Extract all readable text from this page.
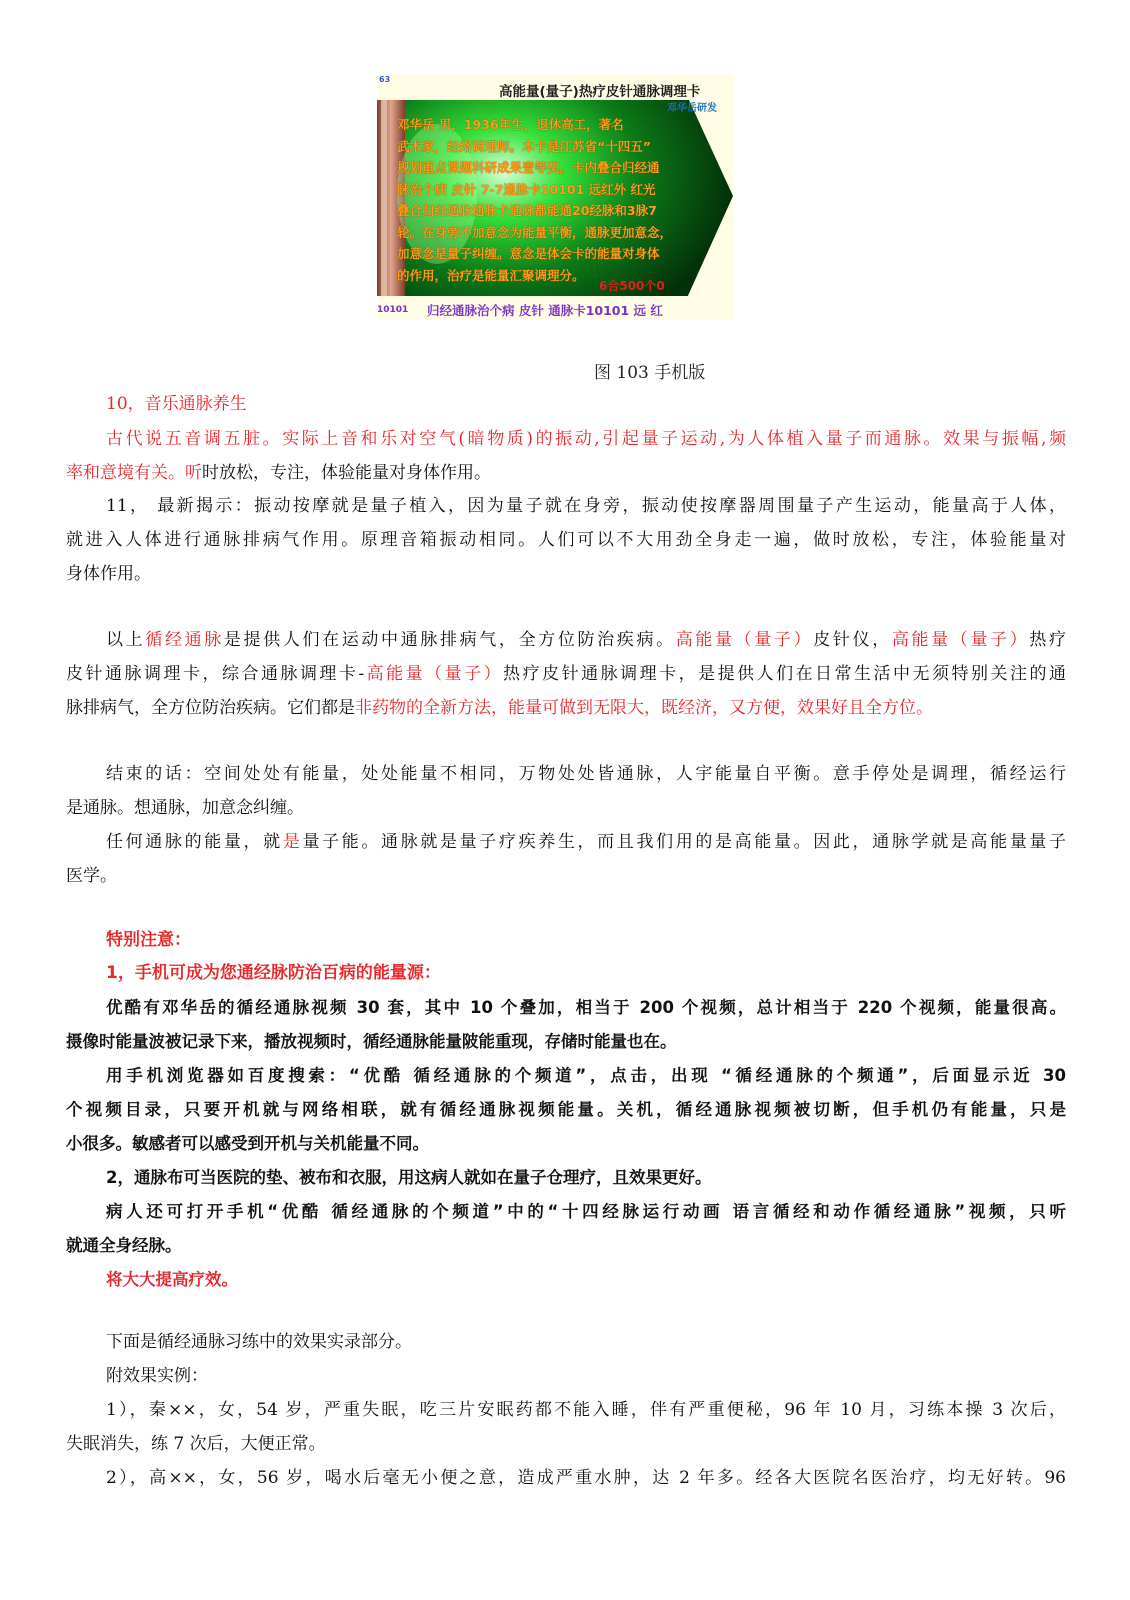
63
高能量(量子)热疗皮针通脉调理卡
邓华岳研发
邓华岳 男，1936年生，退休高工，著名
武术家，经络调理师。本卡是江苏省“十四五”
规划重点课题科研成果壹等奖。卡内叠合归经通
脉治个病 皮针 7-7通脉卡10101 远红外 红光
叠合归经通脉通脉卡通脉都能通20经脉和3脉7
轮。在身旁不加意念为能量平衡，通脉更加意念，
加意念是量子纠缠。意念是体会卡的能量对身体
的作用，治疗是能量汇聚调理分。
6合500个0
10101 归经通脉治个病 皮针 通脉卡10101 远 红
图 103 手机版
10，音乐通脉养生
古代说五音调五脏。实际上音和乐对空气(暗物质)的振动,引起量子运动,为人体植入量子而通脉。效果与振幅,频
率和意境有关。听时放松，专注，体验能量对身体作用。
11， 最新揭示：振动按摩就是量子植入，因为量子就在身旁，振动使按摩器周围量子产生运动，能量高于人体，
就进入人体进行通脉排病气作用。原理音箱振动相同。人们可以不大用劲全身走一遍，做时放松，专注，体验能量对
身体作用。
以上循经通脉是提供人们在运动中通脉排病气，全方位防治疾病。高能量（量子）皮针仪，高能量（量子）热疗
皮针通脉调理卡，综合通脉调理卡-高能量（量子）热疗皮针通脉调理卡，是提供人们在日常生活中无须特别关注的通
脉排病气，全方位防治疾病。它们都是非药物的全新方法，能量可做到无限大，既经济，又方便，效果好且全方位。
结束的话：空间处处有能量，处处能量不相同，万物处处皆通脉，人宇能量自平衡。意手停处是调理，循经运行
是通脉。想通脉，加意念纠缠。
任何通脉的能量，就是量子能。通脉就是量子疗疾养生，而且我们用的是高能量。因此，通脉学就是高能量量子
医学。
特别注意：
1，手机可成为您通经脉防治百病的能量源：
优酷有邓华岳的循经通脉视频 30 套，其中 10 个叠加，相当于 200 个视频，总计相当于 220 个视频，能量很高。
摄像时能量波被记录下来，播放视频时，循经通脉能量陂能重现，存储时能量也在。
用手机浏览器如百度搜索：“优酷 循经通脉的个频道”，点击，出现 “循经通脉的个频通”，后面显示近 30
个视频目录，只要开机就与网络相联，就有循经通脉视频能量。关机，循经通脉视频被切断，但手机仍有能量，只是
小很多。敏感者可以感受到开机与关机能量不同。
2，通脉布可当医院的垫、被布和衣服，用这病人就如在量子仓理疗，且效果更好。
病人还可打开手机“优酷 循经通脉的个频道”中的“十四经脉运行动画 语言循经和动作循经通脉”视频，只听
就通全身经脉。
将大大提高疗效。
下面是循经通脉习练中的效果实录部分。
附效果实例：
1），秦××，女，54 岁，严重失眠，吃三片安眠药都不能入睡，伴有严重便秘，96 年 10 月，习练本操 3 次后，
失眠消失，练 7 次后，大便正常。
2），高××，女，56 岁，喝水后毫无小便之意，造成严重水肿，达 2 年多。经各大医院名医治疗，均无好转。96
